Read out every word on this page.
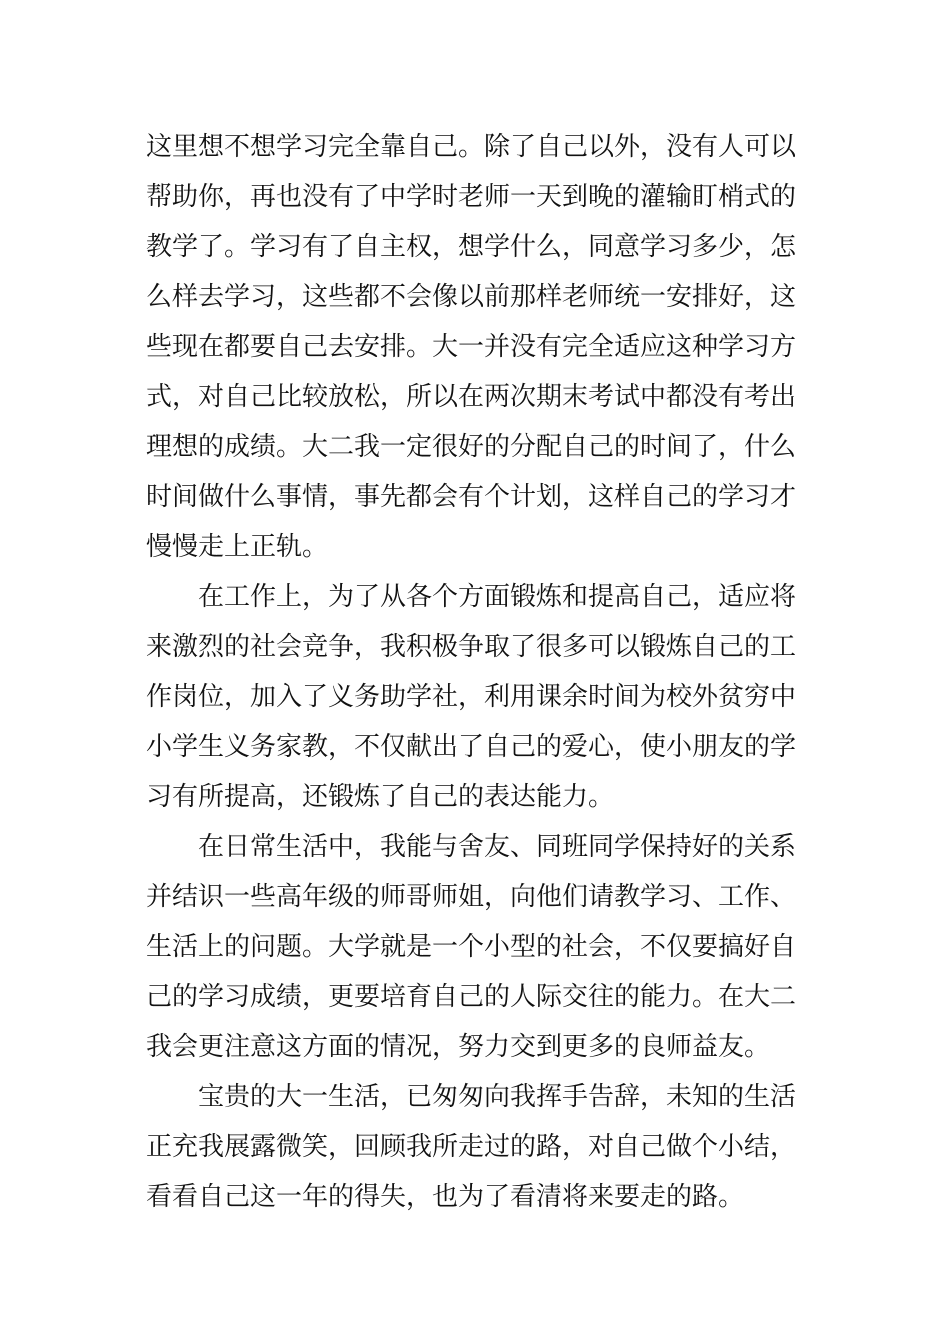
这里想不想学习完全靠自己。除了自己以外，没有人可以
帮助你，再也没有了中学时老师一天到晚的灌输盯梢式的
教学了。学习有了自主权，想学什么，同意学习多少，怎
么样去学习，这些都不会像以前那样老师统一安排好，这
些现在都要自己去安排。大一并没有完全适应这种学习方
式，对自己比较放松，所以在两次期末考试中都没有考出
理想的成绩。大二我一定很好的分配自己的时间了，什么
时间做什么事情，事先都会有个计划，这样自己的学习才
慢慢走上正轨。
在工作上，为了从各个方面锻炼和提高自己，适应将
来激烈的社会竞争，我积极争取了很多可以锻炼自己的工
作岗位，加入了义务助学社，利用课余时间为校外贫穷中
小学生义务家教，不仅献出了自己的爱心，使小朋友的学
习有所提高，还锻炼了自己的表达能力。
在日常生活中，我能与舍友、同班同学保持好的关系
并结识一些高年级的师哥师姐，向他们请教学习、工作、
生活上的问题。大学就是一个小型的社会，不仅要搞好自
己的学习成绩，更要培育自己的人际交往的能力。在大二
我会更注意这方面的情况，努力交到更多的良师益友。
宝贵的大一生活，已匆匆向我挥手告辞，未知的生活
正充我展露微笑，回顾我所走过的路，对自己做个小结，
看看自己这一年的得失，也为了看清将来要走的路。
